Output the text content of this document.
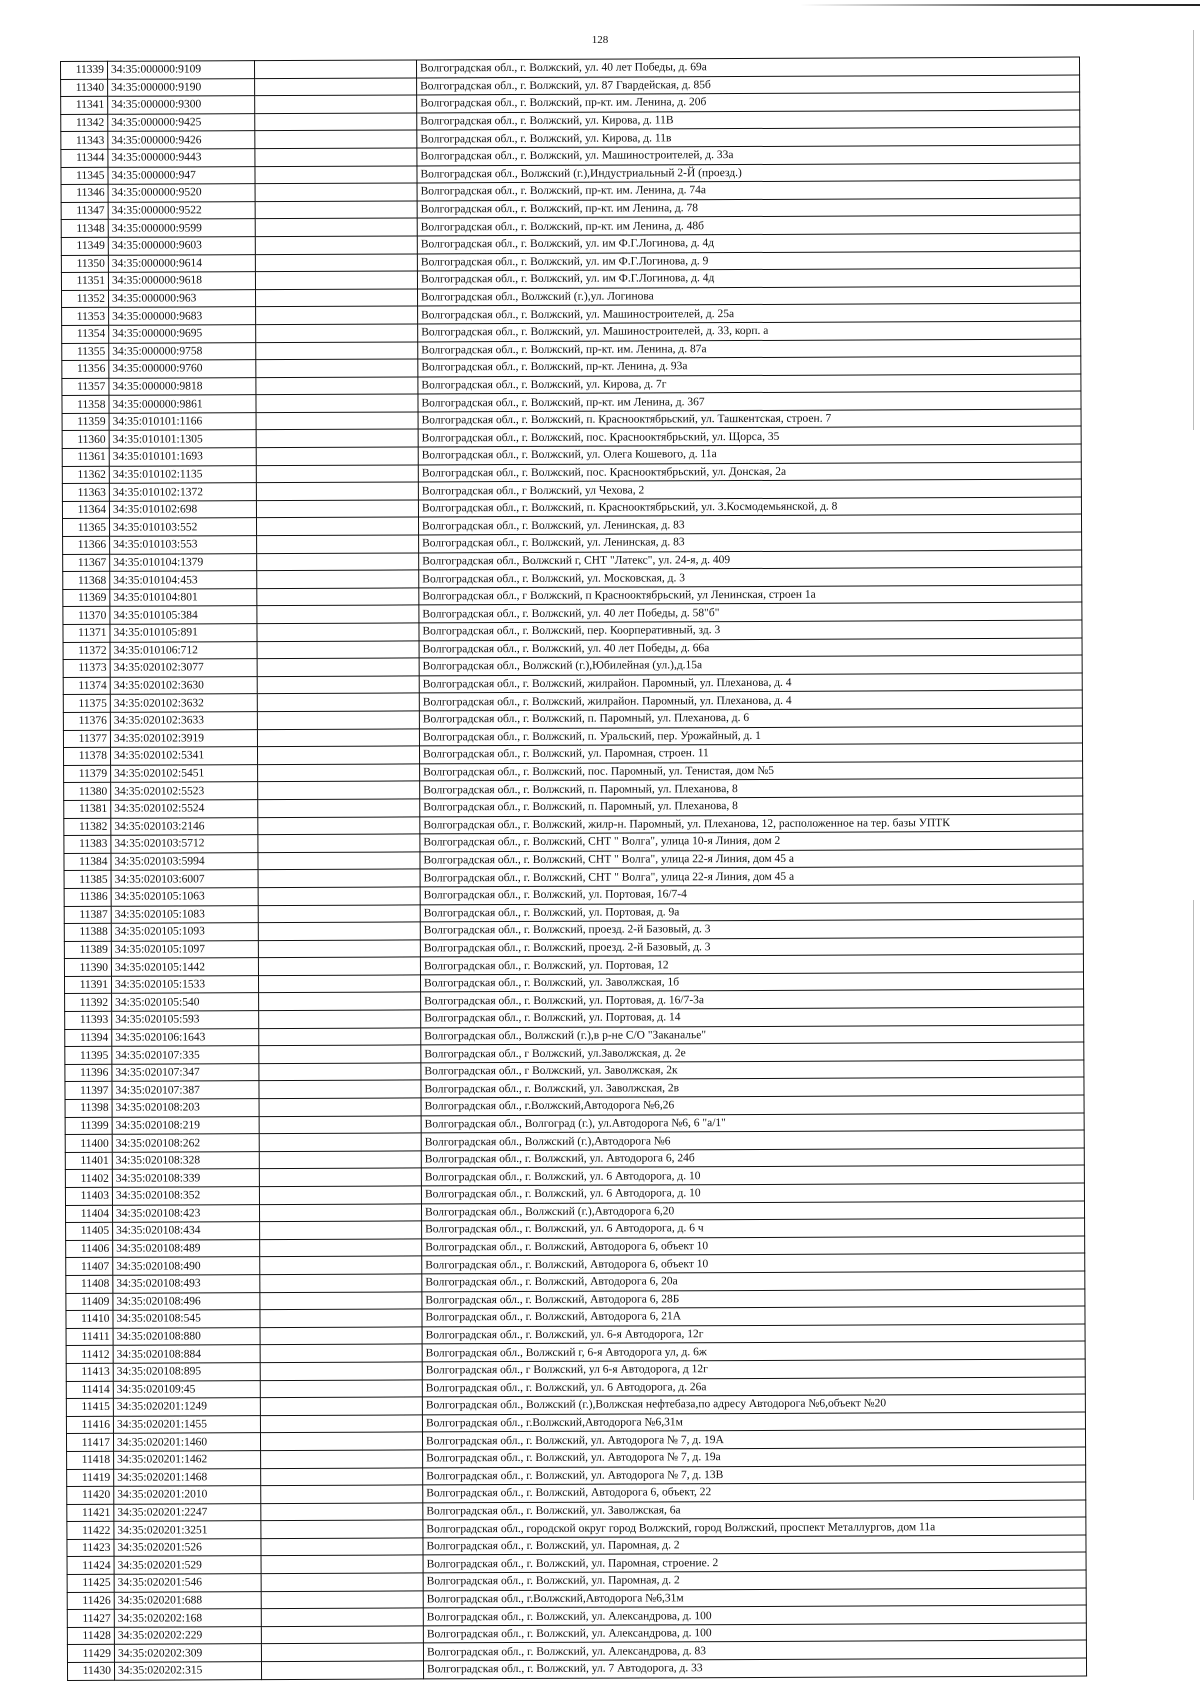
128
11339	34:35:000000:9109		Волгоградская обл., г. Волжский, ул. 40 лет Победы, д. 69а
11340	34:35:000000:9190		Волгоградская обл., г. Волжский, ул. 87 Гвардейская, д. 85б
11341	34:35:000000:9300		Волгоградская обл., г. Волжский, пр-кт. им. Ленина, д. 20б
11342	34:35:000000:9425		Волгоградская обл., г. Волжский, ул. Кирова, д. 11В
11343	34:35:000000:9426		Волгоградская обл., г. Волжский, ул. Кирова, д. 11в
11344	34:35:000000:9443		Волгоградская обл., г. Волжский, ул. Машиностроителей, д. 33а
11345	34:35:000000:947		Волгоградская обл., Волжский (г.),Индустриальный 2-Й (проезд.)
11346	34:35:000000:9520		Волгоградская обл., г. Волжский, пр-кт. им. Ленина, д. 74а
11347	34:35:000000:9522		Волгоградская обл., г. Волжский, пр-кт. им Ленина, д. 78
11348	34:35:000000:9599		Волгоградская обл., г. Волжский, пр-кт. им Ленина, д. 48б
11349	34:35:000000:9603		Волгоградская обл., г. Волжский, ул. им Ф.Г.Логинова, д. 4д
11350	34:35:000000:9614		Волгоградская обл., г. Волжский, ул. им Ф.Г.Логинова, д. 9
11351	34:35:000000:9618		Волгоградская обл., г. Волжский, ул. им Ф.Г.Логинова, д. 4д
11352	34:35:000000:963		Волгоградская обл., Волжский (г.),ул. Логинова
11353	34:35:000000:9683		Волгоградская обл., г. Волжский, ул. Машиностроителей, д. 25а
11354	34:35:000000:9695		Волгоградская обл., г. Волжский, ул. Машиностроителей, д. 33, корп. а
11355	34:35:000000:9758		Волгоградская обл., г. Волжский, пр-кт. им. Ленина, д. 87а
11356	34:35:000000:9760		Волгоградская обл., г. Волжский, пр-кт. Ленина, д. 93а
11357	34:35:000000:9818		Волгоградская обл., г. Волжский, ул. Кирова, д. 7г
11358	34:35:000000:9861		Волгоградская обл., г. Волжский, пр-кт. им Ленина, д. 367
11359	34:35:010101:1166		Волгоградская обл., г. Волжский, п. Краснооктябрьский, ул. Ташкентская, строен. 7
11360	34:35:010101:1305		Волгоградская обл., г. Волжский, пос. Краснооктябрьский, ул. Щорса, 35
11361	34:35:010101:1693		Волгоградская обл., г. Волжский, ул. Олега Кошевого, д. 11а
11362	34:35:010102:1135		Волгоградская обл., г. Волжский, пос. Краснооктябрьский, ул. Донская, 2а
11363	34:35:010102:1372		Волгоградская обл., г Волжский, ул Чехова, 2
11364	34:35:010102:698		Волгоградская обл., г. Волжский, п. Краснооктябрьский, ул. З.Космодемьянской, д. 8
11365	34:35:010103:552		Волгоградская обл., г. Волжский, ул. Ленинская, д. 83
11366	34:35:010103:553		Волгоградская обл., г. Волжский, ул. Ленинская, д. 83
11367	34:35:010104:1379		Волгоградская обл., Волжский г, СНТ "Латекс", ул. 24-я, д. 409
11368	34:35:010104:453		Волгоградская обл., г. Волжский, ул. Московская, д. 3
11369	34:35:010104:801		Волгоградская обл., г Волжский, п Краснооктябрьский, ул Ленинская, строен 1а
11370	34:35:010105:384		Волгоградская обл., г. Волжский, ул. 40 лет Победы, д. 58"б"
11371	34:35:010105:891		Волгоградская обл., г. Волжский, пер. Коорперативный, зд. 3
11372	34:35:010106:712		Волгоградская обл., г. Волжский, ул. 40 лет Победы, д. 66а
11373	34:35:020102:3077		Волгоградская обл., Волжский (г.),Юбилейная (ул.),д.15а
11374	34:35:020102:3630		Волгоградская обл., г. Волжский, жилрайон. Паромный, ул. Плеханова, д. 4
11375	34:35:020102:3632		Волгоградская обл., г. Волжский, жилрайон. Паромный, ул. Плеханова, д. 4
11376	34:35:020102:3633		Волгоградская обл., г. Волжский, п. Паромный, ул. Плеханова, д. 6
11377	34:35:020102:3919		Волгоградская обл., г. Волжский, п. Уральский, пер. Урожайный, д. 1
11378	34:35:020102:5341		Волгоградская обл., г. Волжский, ул. Паромная, строен. 11
11379	34:35:020102:5451		Волгоградская обл., г. Волжский, пос. Паромный, ул. Тенистая, дом №5
11380	34:35:020102:5523		Волгоградская обл., г. Волжский, п. Паромный, ул. Плеханова, 8
11381	34:35:020102:5524		Волгоградская обл., г. Волжский, п. Паромный, ул. Плеханова, 8
11382	34:35:020103:2146		Волгоградская обл., г. Волжский, жилр-н. Паромный, ул. Плеханова, 12, расположенное на тер. базы УПТК
11383	34:35:020103:5712		Волгоградская обл., г. Волжский, СНТ " Волга", улица 10-я Линия, дом 2
11384	34:35:020103:5994		Волгоградская обл., г. Волжский, СНТ " Волга", улица 22-я Линия, дом 45 а
11385	34:35:020103:6007		Волгоградская обл., г. Волжский, СНТ " Волга", улица 22-я Линия, дом 45 а
11386	34:35:020105:1063		Волгоградская обл., г. Волжский, ул. Портовая, 16/7-4
11387	34:35:020105:1083		Волгоградская обл., г. Волжский, ул. Портовая, д. 9а
11388	34:35:020105:1093		Волгоградская обл., г. Волжский, проезд. 2-й Базовый, д. 3
11389	34:35:020105:1097		Волгоградская обл., г. Волжский, проезд. 2-й Базовый, д. 3
11390	34:35:020105:1442		Волгоградская обл., г. Волжский, ул. Портовая, 12
11391	34:35:020105:1533		Волгоградская обл., г. Волжский, ул. Заволжская, 1б
11392	34:35:020105:540		Волгоградская обл., г. Волжский, ул. Портовая, д. 16/7-3а
11393	34:35:020105:593		Волгоградская обл., г. Волжский, ул. Портовая, д. 14
11394	34:35:020106:1643		Волгоградская обл., Волжский (г.),в р-не С/О "Заканалье"
11395	34:35:020107:335		Волгоградская обл., г Волжский, ул.Заволжская, д. 2е
11396	34:35:020107:347		Волгоградская обл., г Волжский, ул. Заволжская, 2к
11397	34:35:020107:387		Волгоградская обл., г. Волжский, ул. Заволжская, 2в
11398	34:35:020108:203		Волгоградская обл., г.Волжский,Автодорога №6,26
11399	34:35:020108:219		Волгоградская обл., Волгоград (г.), ул.Автодорога №6, 6 "а/1"
11400	34:35:020108:262		Волгоградская обл., Волжский (г.),Автодорога №6
11401	34:35:020108:328		Волгоградская обл., г. Волжский, ул. Автодорога 6, 24б
11402	34:35:020108:339		Волгоградская обл., г. Волжский, ул. 6 Автодорога, д. 10
11403	34:35:020108:352		Волгоградская обл., г. Волжский, ул. 6 Автодорога, д. 10
11404	34:35:020108:423		Волгоградская обл., Волжский (г.),Автодорога 6,20
11405	34:35:020108:434		Волгоградская обл., г. Волжский, ул. 6 Автодорога, д. 6 ч
11406	34:35:020108:489		Волгоградская обл., г. Волжский, Автодорога 6, объект 10
11407	34:35:020108:490		Волгоградская обл., г. Волжский, Автодорога 6, объект 10
11408	34:35:020108:493		Волгоградская обл., г. Волжский, Автодорога 6, 20а
11409	34:35:020108:496		Волгоградская обл., г. Волжский, Автодорога 6, 28Б
11410	34:35:020108:545		Волгоградская обл., г. Волжский, Автодорога 6, 21А
11411	34:35:020108:880		Волгоградская обл., г. Волжский, ул. 6-я Автодорога, 12г
11412	34:35:020108:884		Волгоградская обл., Волжский г, 6-я Автодорога ул, д. 6ж
11413	34:35:020108:895		Волгоградская обл., г Волжский, ул 6-я Автодорога, д 12г
11414	34:35:020109:45		Волгоградская обл., г. Волжский, ул. 6 Автодорога, д. 26а
11415	34:35:020201:1249		Волгоградская обл., Волжский (г.),Волжская нефтебаза,по адресу Автодорога №6,объект №20
11416	34:35:020201:1455		Волгоградская обл., г.Волжский,Автодорога №6,31м
11417	34:35:020201:1460		Волгоградская обл., г. Волжский, ул. Автодорога № 7, д. 19А
11418	34:35:020201:1462		Волгоградская обл., г. Волжский, ул. Автодорога № 7, д. 19а
11419	34:35:020201:1468		Волгоградская обл., г. Волжский, ул. Автодорога № 7, д. 13В
11420	34:35:020201:2010		Волгоградская обл., г. Волжский, Автодорога 6, объект, 22
11421	34:35:020201:2247		Волгоградская обл., г. Волжский, ул. Заволжская, 6а
11422	34:35:020201:3251		Волгоградская обл., городской округ город Волжский, город Волжский, проспект Металлургов, дом 11а
11423	34:35:020201:526		Волгоградская обл., г. Волжский, ул. Паромная, д. 2
11424	34:35:020201:529		Волгоградская обл., г. Волжский, ул. Паромная, строение. 2
11425	34:35:020201:546		Волгоградская обл., г. Волжский, ул. Паромная, д. 2
11426	34:35:020201:688		Волгоградская обл., г.Волжский,Автодорога №6,31м
11427	34:35:020202:168		Волгоградская обл., г. Волжский, ул. Александрова, д. 100
11428	34:35:020202:229		Волгоградская обл., г. Волжский, ул. Александрова, д. 100
11429	34:35:020202:309		Волгоградская обл., г. Волжский, ул. Александрова, д. 83
11430	34:35:020202:315		Волгоградская обл., г. Волжский, ул. 7 Автодорога, д. 33
